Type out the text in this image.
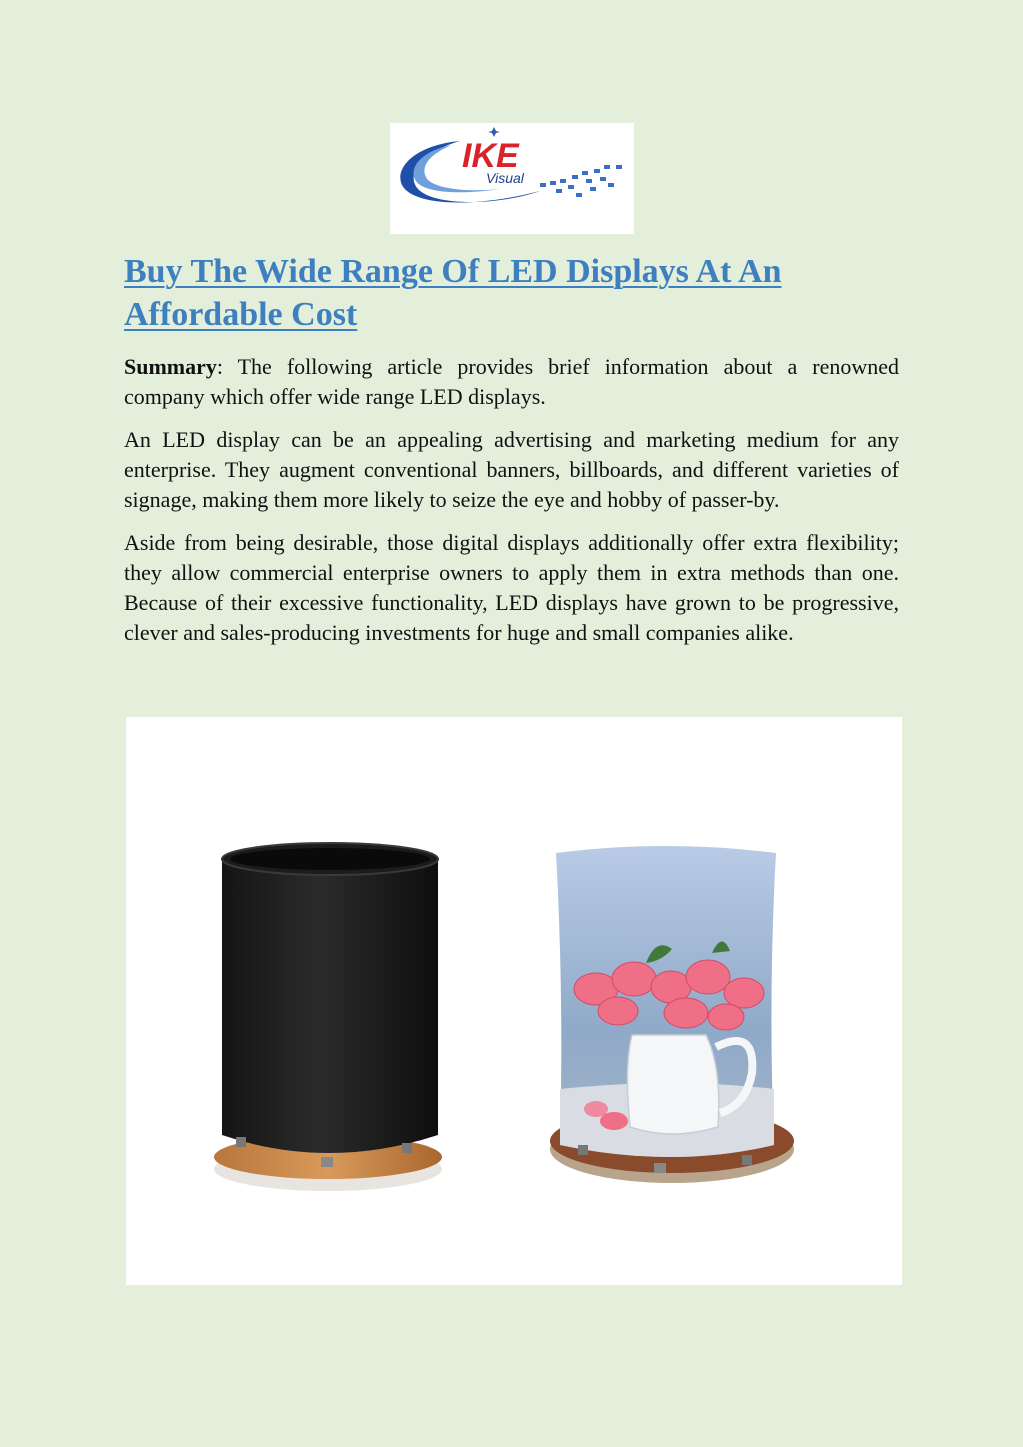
IKE
Visual
Buy The Wide Range Of LED Displays At An Affordable Cost

Summary: The following article provides brief information about a renowned company which offer wide range LED displays.

An LED display can be an appealing advertising and marketing medium for any enterprise. They augment conventional banners, billboards, and different varieties of signage, making them more likely to seize the eye and hobby of passer-by.

Aside from being desirable, those digital displays additionally offer extra flexibility; they allow commercial enterprise owners to apply them in extra methods than one. Because of their excessive functionality, LED displays have grown to be progressive, clever and sales-producing investments for huge and small companies alike.
